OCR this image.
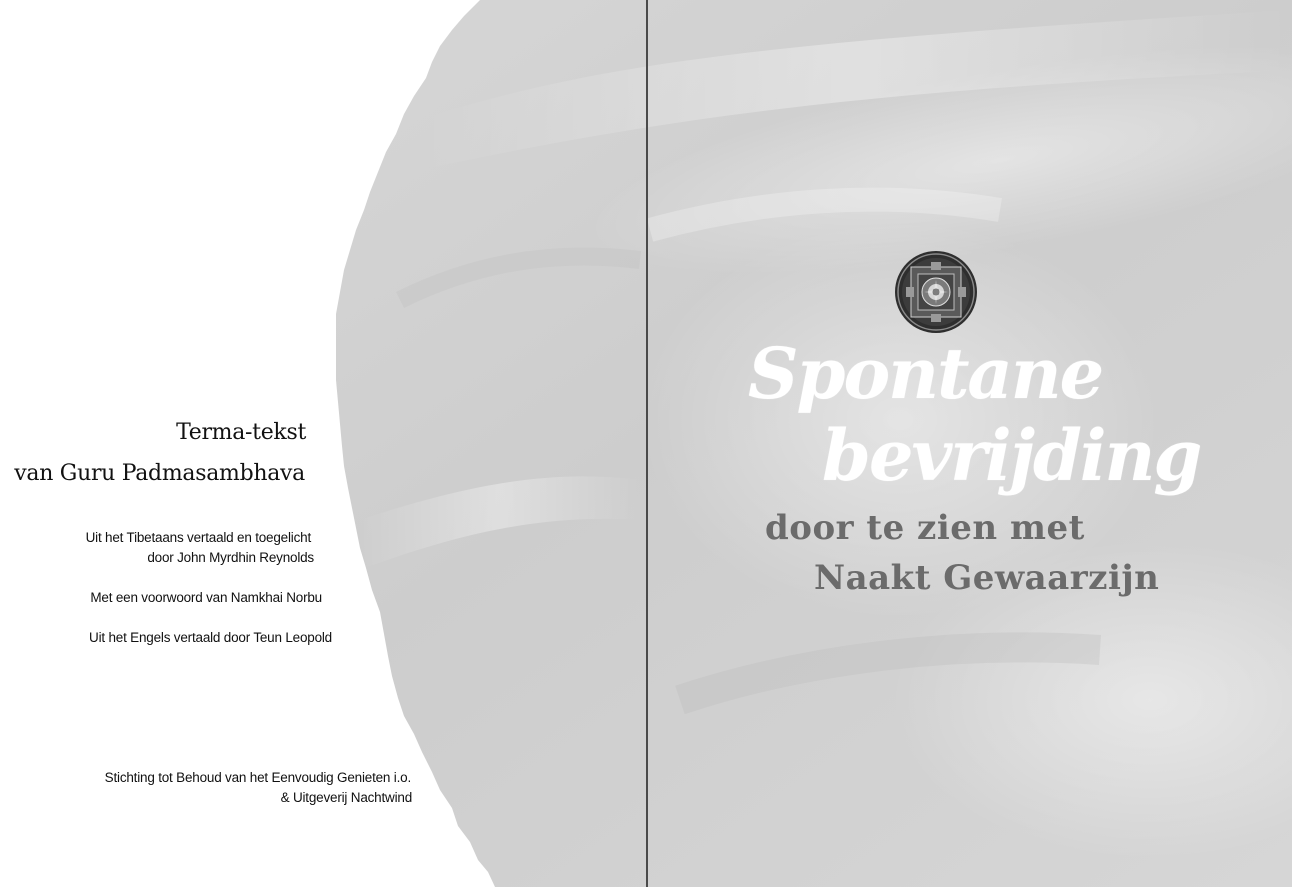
Terma-tekst
van Guru Padmasambhava
Uit het Tibetaans vertaald en toegelicht
door John Myrdhin Reynolds
Met een voorwoord van Namkhai Norbu
Uit het Engels vertaald door Teun Leopold
Stichting tot Behoud van het Eenvoudig Genieten i.o.
& Uitgeverij Nachtwind
Spontane
bevrijding
door te zien met
Naakt Gewaarzijn
